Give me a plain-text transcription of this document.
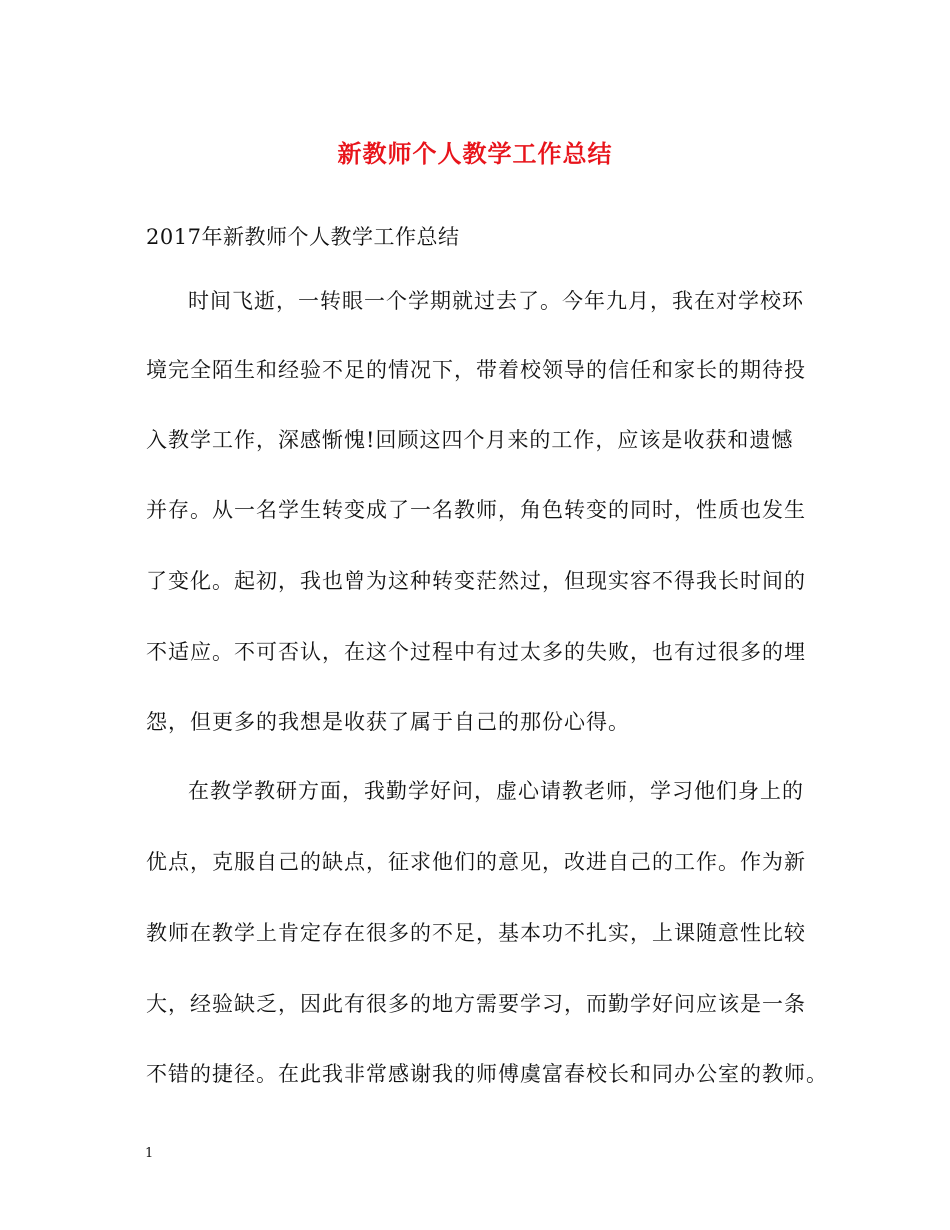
新教师个人教学工作总结
2017年新教师个人教学工作总结
时间飞逝，一转眼一个学期就过去了。今年九月，我在对学校环
境完全陌生和经验不足的情况下，带着校领导的信任和家长的期待投
入教学工作，深感惭愧!回顾这四个月来的工作，应该是收获和遗憾
并存。从一名学生转变成了一名教师，角色转变的同时，性质也发生
了变化。起初，我也曾为这种转变茫然过，但现实容不得我长时间的
不适应。不可否认，在这个过程中有过太多的失败，也有过很多的埋
怨，但更多的我想是收获了属于自己的那份心得。
在教学教研方面，我勤学好问，虚心请教老师，学习他们身上的
优点，克服自己的缺点，征求他们的意见，改进自己的工作。作为新
教师在教学上肯定存在很多的不足，基本功不扎实，上课随意性比较
大，经验缺乏，因此有很多的地方需要学习，而勤学好问应该是一条
不错的捷径。在此我非常感谢我的师傅虞富春校长和同办公室的教师。
1
